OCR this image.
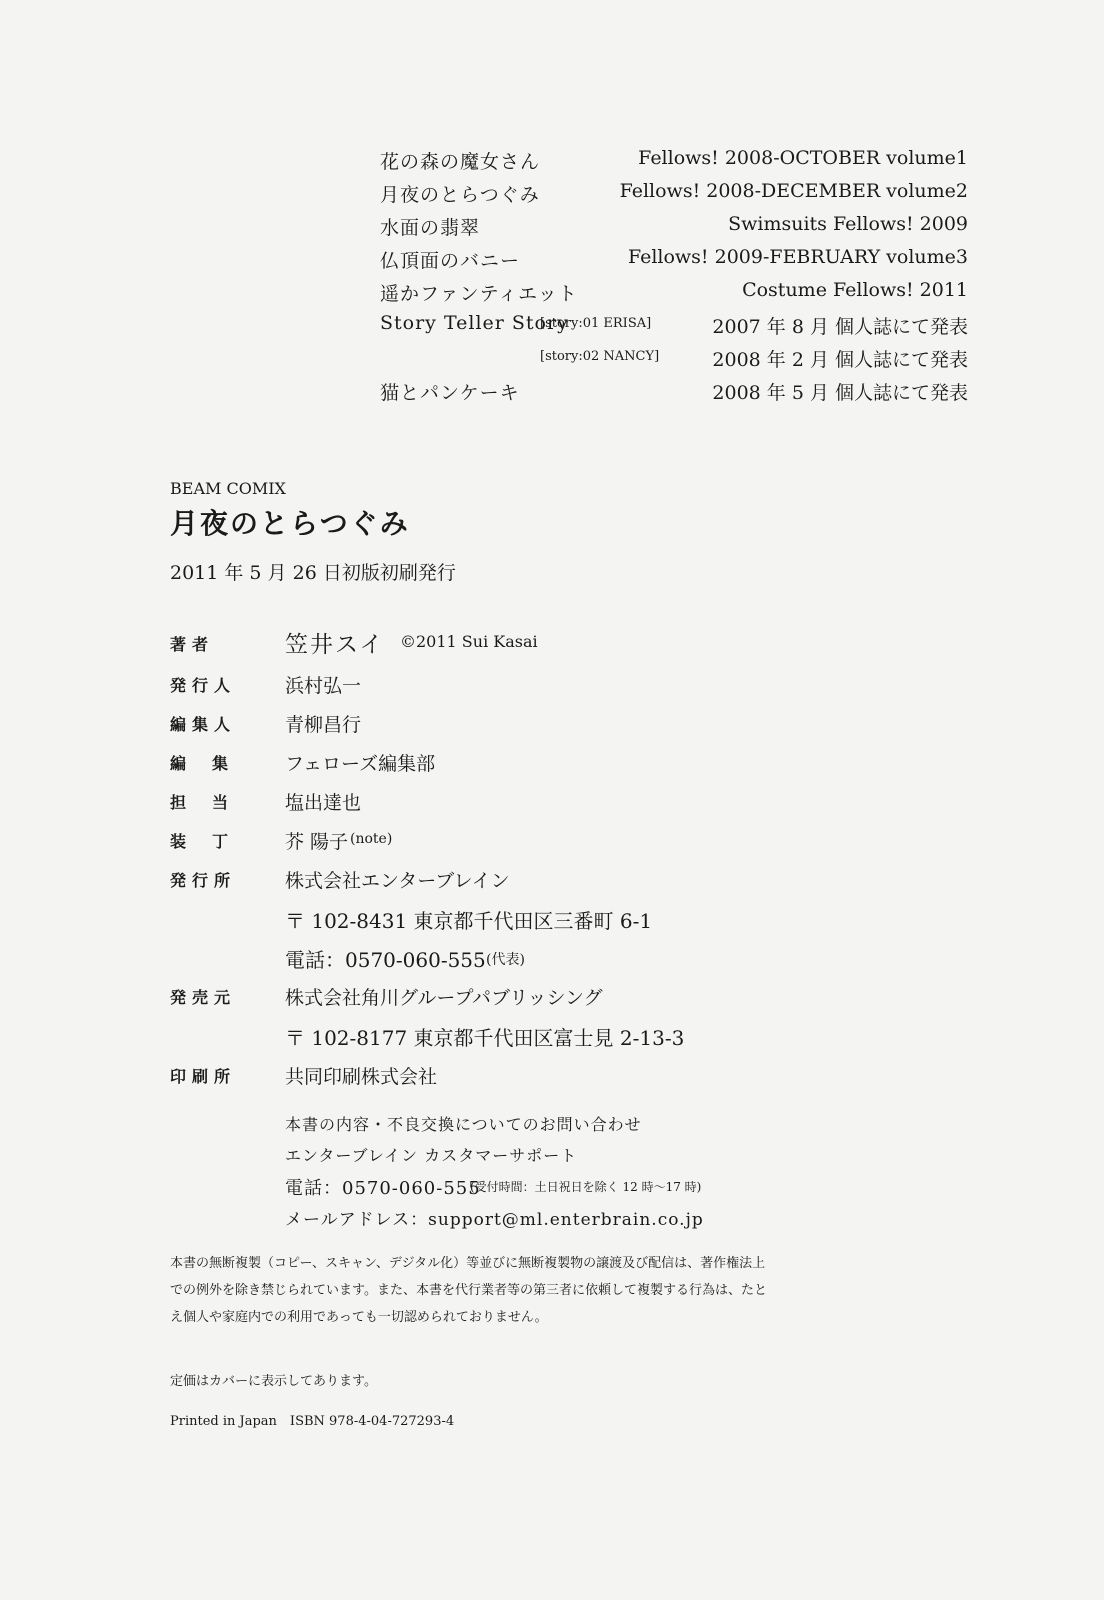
花の森の魔女さん	Fellows! 2008-OCTOBER volume1
月夜のとらつぐみ	Fellows! 2008-DECEMBER volume2
水面の翡翠	Swimsuits Fellows! 2009
仏頂面のバニー	Fellows! 2009-FEBRUARY volume3
遥かファンティエット	Costume Fellows! 2011
Story Teller Story
[story:01 ERISA]	2007 年 8 月 個人誌にて発表
[story:02 NANCY]	2008 年 2 月 個人誌にて発表
猫とパンケーキ	2008 年 5 月 個人誌にて発表
BEAM COMIX
月夜のとらつぐみ
2011 年 5 月 26 日初版初刷発行
著者	笠井スイ ©2011 Sui Kasai
発行人	浜村弘一
編集人	青柳昌行
編集 フェローズ編集部
担当 塩出達也
装丁 芥 陽子 (note)
発行所	株式会社エンターブレイン
〒 102-8431 東京都千代田区三番町 6-1
電話：0570-060-555 (代表)
発売元	株式会社角川グループパブリッシング
〒 102-8177 東京都千代田区富士見 2-13-3
印刷所	共同印刷株式会社
本書の内容・不良交換についてのお問い合わせ
エンターブレイン カスタマーサポート
電話：0570-060-555
(受付時間：土日祝日を除く 12 時〜17 時)
メールアドレス：support@ml.enterbrain.co.jp
本書の無断複製（コピー、スキャン、デジタル化）等並びに無断複製物の譲渡及び配信は、著作権法上での例外を除き禁じられています。また、本書を代行業者等の第三者に依頼して複製する行為は、たとえ個人や家庭内での利用であっても一切認められておりません。
定価はカバーに表示してあります。
Printed in Japan　ISBN 978-4-04-727293-4
